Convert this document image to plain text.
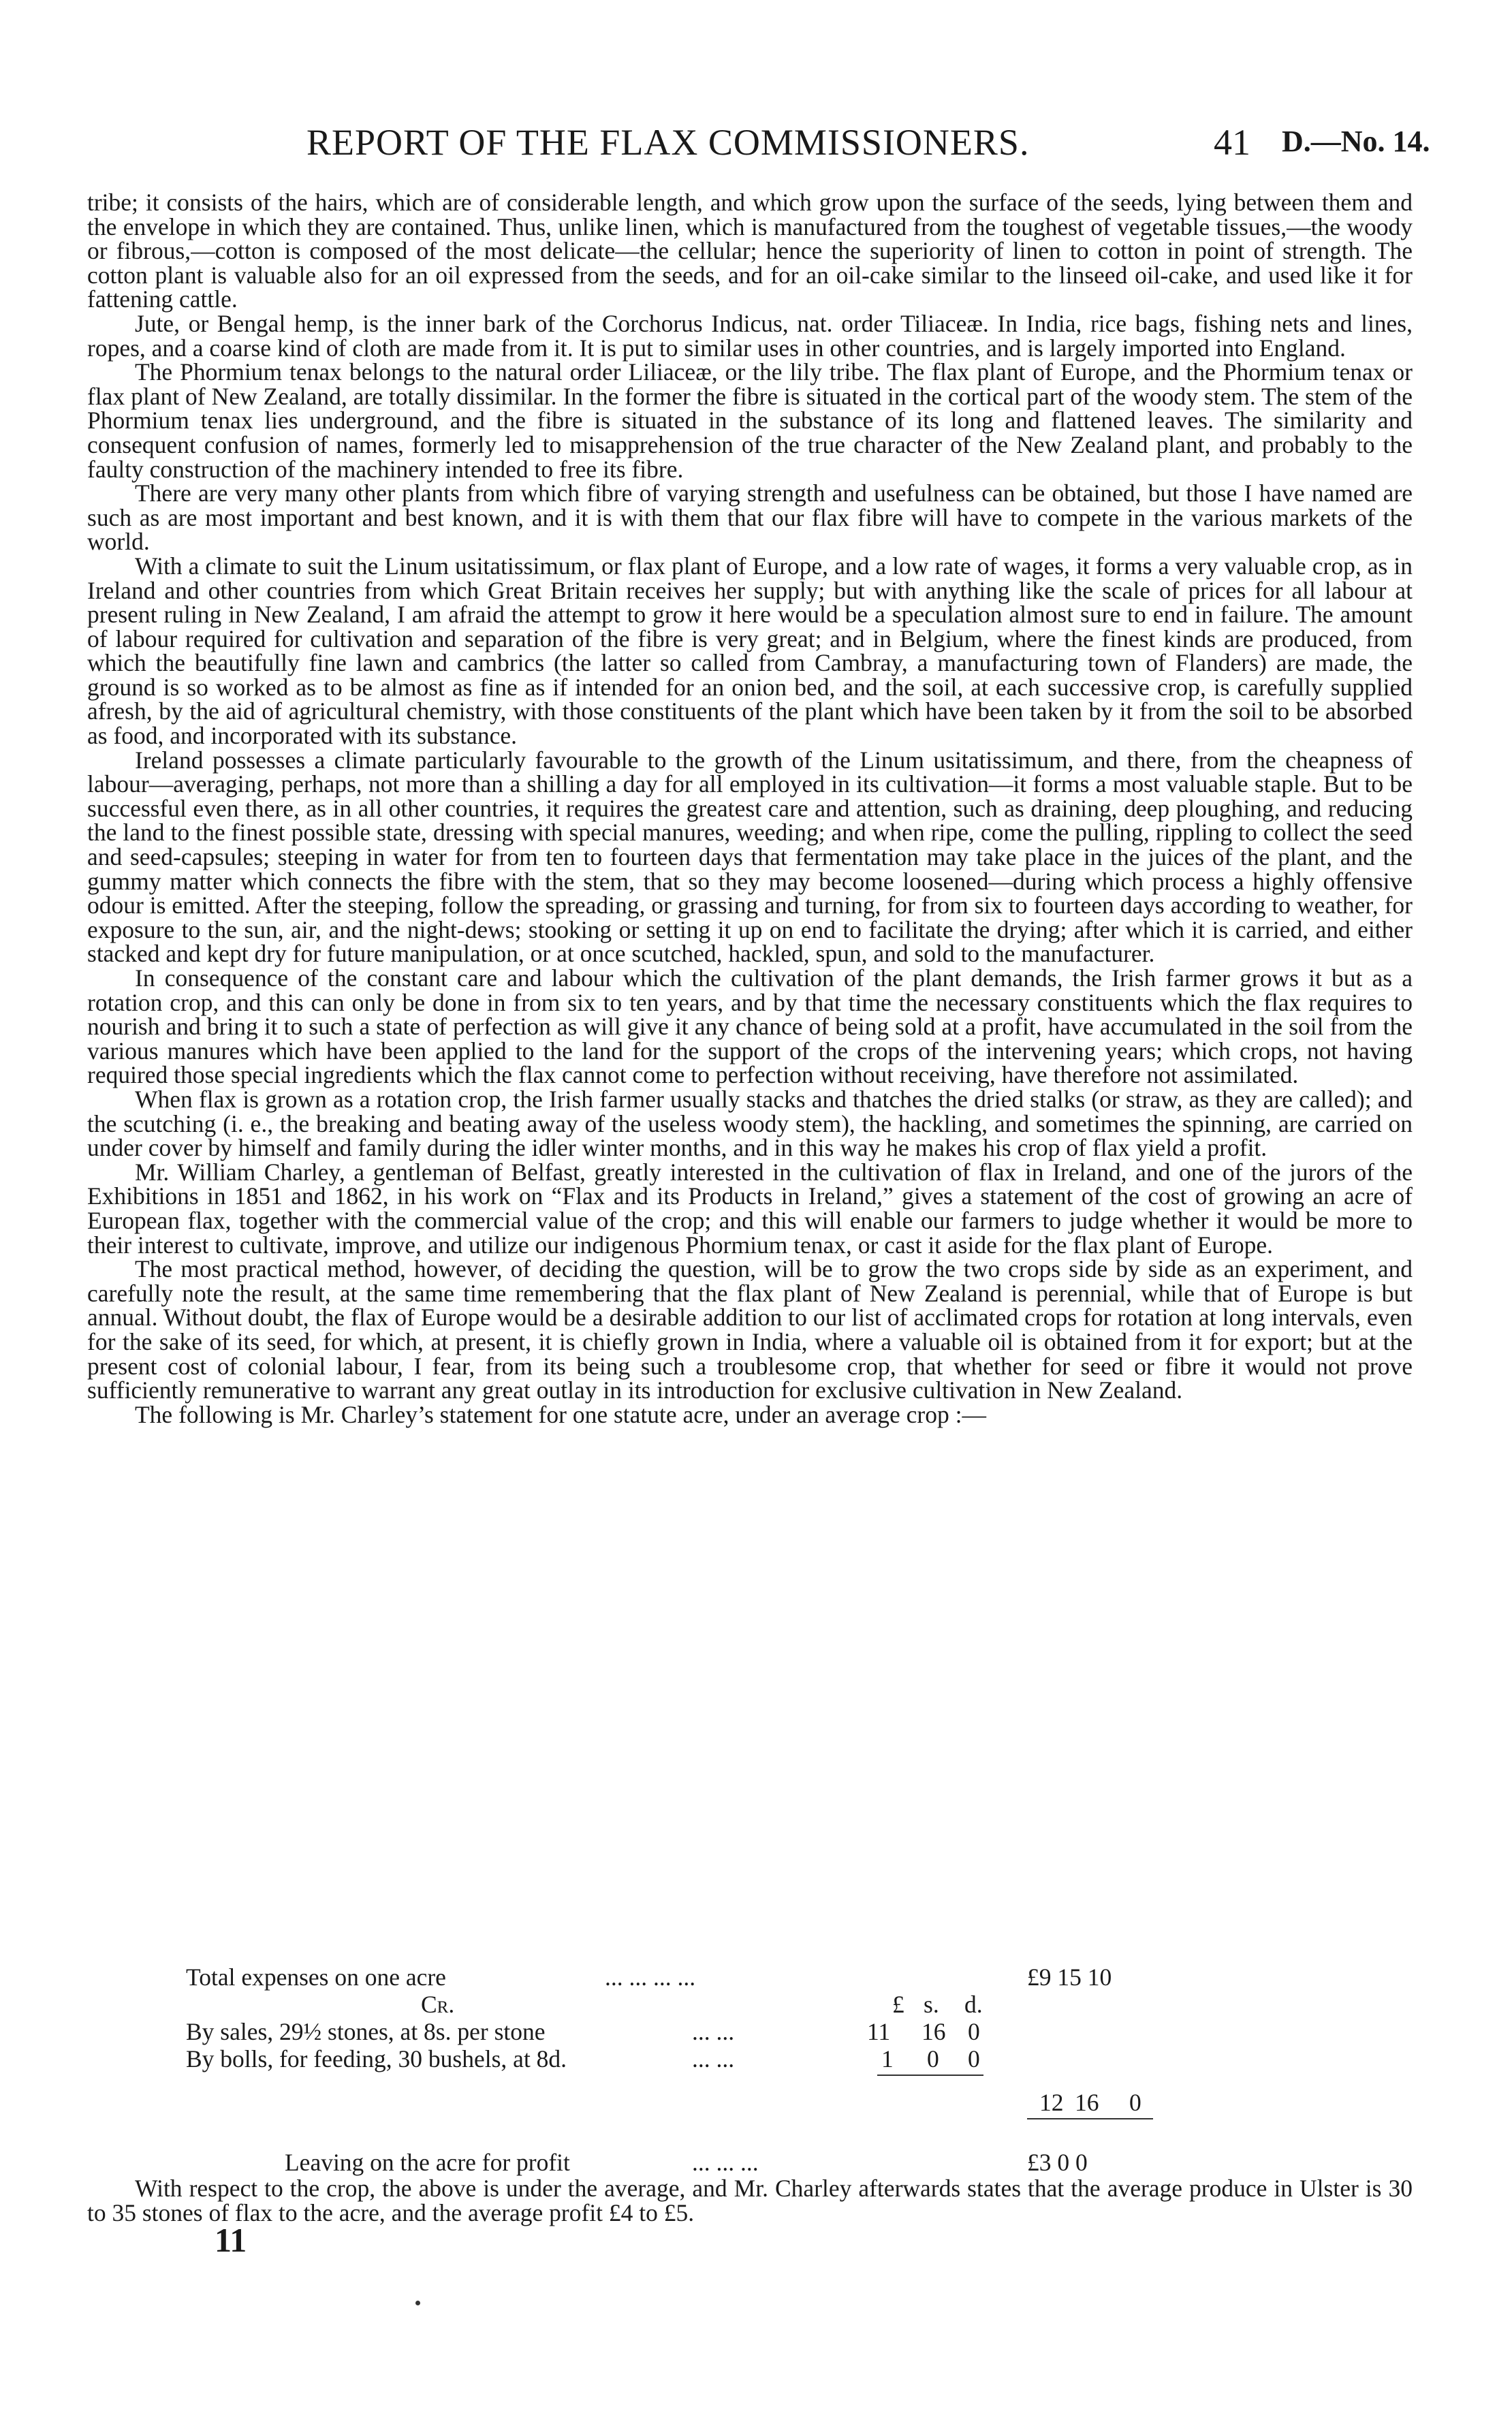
REPORT OF THE FLAX COMMISSIONERS.	41 D.—No. 14.

tribe; it consists of the hairs, which are of considerable length, and which grow upon the surface of the seeds, lying between them and the envelope in which they are contained. Thus, unlike linen, which is manufactured from the toughest of vegetable tissues,—the woody or fibrous,—cotton is composed of the most delicate—the cellular; hence the superiority of linen to cotton in point of strength. The cotton plant is valuable also for an oil expressed from the seeds, and for an oil-cake similar to the linseed oil-cake, and used like it for fattening cattle.

Jute, or Bengal hemp, is the inner bark of the Corchorus Indicus, nat. order Tiliaceæ. In India, rice bags, fishing nets and lines, ropes, and a coarse kind of cloth are made from it. It is put to similar uses in other countries, and is largely imported into England.

The Phormium tenax belongs to the natural order Liliaceæ, or the lily tribe. The flax plant of Europe, and the Phormium tenax or flax plant of New Zealand, are totally dissimilar. In the former the fibre is situated in the cortical part of the woody stem. The stem of the Phormium tenax lies underground, and the fibre is situated in the substance of its long and flattened leaves. The similarity and consequent confusion of names, formerly led to misapprehension of the true character of the New Zealand plant, and probably to the faulty construction of the machinery intended to free its fibre.

There are very many other plants from which fibre of varying strength and usefulness can be obtained, but those I have named are such as are most important and best known, and it is with them that our flax fibre will have to compete in the various markets of the world.

With a climate to suit the Linum usitatissimum, or flax plant of Europe, and a low rate of wages, it forms a very valuable crop, as in Ireland and other countries from which Great Britain receives her supply; but with anything like the scale of prices for all labour at present ruling in New Zealand, I am afraid the attempt to grow it here would be a speculation almost sure to end in failure. The amount of labour required for cultivation and separation of the fibre is very great; and in Belgium, where the finest kinds are produced, from which the beautifully fine lawn and cambrics (the latter so called from Cambray, a manufacturing town of Flanders) are made, the ground is so worked as to be almost as fine as if intended for an onion bed, and the soil, at each successive crop, is carefully supplied afresh, by the aid of agricultural chemistry, with those constituents of the plant which have been taken by it from the soil to be absorbed as food, and incorporated with its substance.

Ireland possesses a climate particularly favourable to the growth of the Linum usitatissimum, and there, from the cheapness of labour—averaging, perhaps, not more than a shilling a day for all employed in its cultivation—it forms a most valuable staple. But to be successful even there, as in all other countries, it requires the greatest care and attention, such as draining, deep ploughing, and reducing the land to the finest possible state, dressing with special manures, weeding; and when ripe, come the pulling, rippling to collect the seed and seed-capsules; steeping in water for from ten to fourteen days that fermentation may take place in the juices of the plant, and the gummy matter which connects the fibre with the stem, that so they may become loosened—during which process a highly offensive odour is emitted. After the steeping, follow the spreading, or grassing and turning, for from six to fourteen days according to weather, for exposure to the sun, air, and the night-dews; stooking or setting it up on end to facilitate the drying; after which it is carried, and either stacked and kept dry for future manipulation, or at once scutched, hackled, spun, and sold to the manufacturer.

In consequence of the constant care and labour which the cultivation of the plant demands, the Irish farmer grows it but as a rotation crop, and this can only be done in from six to ten years, and by that time the necessary constituents which the flax requires to nourish and bring it to such a state of perfection as will give it any chance of being sold at a profit, have accumulated in the soil from the various manures which have been applied to the land for the support of the crops of the intervening years; which crops, not having required those special ingredients which the flax cannot come to perfection without receiving, have therefore not assimilated.

When flax is grown as a rotation crop, the Irish farmer usually stacks and thatches the dried stalks (or straw, as they are called); and the scutching (i. e., the breaking and beating away of the useless woody stem), the hackling, and sometimes the spinning, are carried on under cover by himself and family during the idler winter months, and in this way he makes his crop of flax yield a profit.

Mr. William Charley, a gentleman of Belfast, greatly interested in the cultivation of flax in Ireland, and one of the jurors of the Exhibitions in 1851 and 1862, in his work on “Flax and its Products in Ireland,” gives a statement of the cost of growing an acre of European flax, together with the commercial value of the crop; and this will enable our farmers to judge whether it would be more to their interest to cultivate, improve, and utilize our indigenous Phormium tenax, or cast it aside for the flax plant of Europe.

The most practical method, however, of deciding the question, will be to grow the two crops side by side as an experiment, and carefully note the result, at the same time remembering that the flax plant of New Zealand is perennial, while that of Europe is but annual. Without doubt, the flax of Europe would be a desirable addition to our list of acclimated crops for rotation at long intervals, even for the sake of its seed, for which, at present, it is chiefly grown in India, where a valuable oil is obtained from it for export; but at the present cost of colonial labour, I fear, from its being such a troublesome crop, that whether for seed or fibre it would not prove sufficiently remunerative to warrant any great outlay in its introduction for exclusive cultivation in New Zealand.

The following is Mr. Charley’s statement for one statute acre, under an average crop :—

Total expenses on one acre	... ... ... ...	£9 15 10
Cr.	£ s. d.
By sales, 29½ stones, at 8s. per stone	... ...	11 16 0
By bolls, for feeding, 30 bushels, at 8d.	... ...	1 0 0
12 16 0
Leaving on the acre for profit	... ... ...	£3 0 0

With respect to the crop, the above is under the average, and Mr. Charley afterwards states that the average produce in Ulster is 30 to 35 stones of flax to the acre, and the average profit £4 to £5.

11
